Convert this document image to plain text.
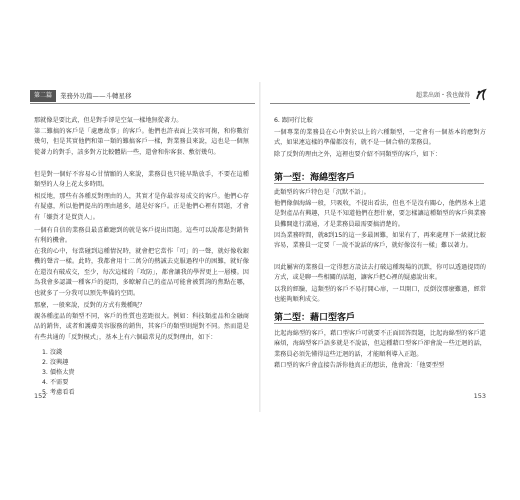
第二篇	業務外功篇——斗轉星移

那就像是要比武，但是對手卻是空氣一樣地無從著力。

第二難搞的客戶是「處應故事」的客戶。他們也許表面上笑容可掬，和你數衍幾句，但是其實他們和第一類的難搞客戶一樣，對業務員來說，這也是一個無從著力的對手，該多對方比較體貼一些，還會和你客套、敷衍幾句。

但是對一個好不容易心甘情願的人來說，業務員也只能早點放手，不要在這種類型的人身上花太多時間。

相反地，那些有各種反對理由的人，其實才是你最容易成交的客戶。他們心存有疑慮，所以他們提出的理由越多，越是好客戶。正是他們心裡有問題，才會有「嫌貨才是買貨人」。

一個有自信的業務員最喜歡聽到的就是客戶提出問題。這些可以說都是對銷售有利的機會。

在我的心中，每當碰到這種情況時，就會把它當作「可」的一聲，就好像收銀機的聲音一樣。此時，我都會用十二萬分的熱誠去克服過程中的困難，就好像在還沒有破成交，至少，每次這樣的「攻防」，都會讓我的學習更上一層樓。因為我會多認識一種客戶的提問，多瞭解自己的產品可能會被質詢的焦點在哪，也就多了一分我可以預先準備的空間。

那麼，一般來說，反對的方式有幾種呢？

親各種產品的類型不同，客戶的性質也差距很大。例如：科技類產品和金融商品的銷售，或者和護膚美容服務的銷售，其客戶的類型則絕對不同。然而還是有些共通的「反對模式」，基本上有六個最常見的反對理由，如下：

1. 沒錢
2. 沒興趣
3. 價格太貴
4. 不需要
5. 考慮看看
152
超業出頭・我也做得

6. 跟同行比較

一個專業的業務員在心中對於以上的六種類型，一定會有一個基本的應對方式，如果連這樣的準備都沒有，就不是一個合格的業務員。

除了反對的理由之外，這裡也要介紹不同類型的客戶，如下：

第一型：海綿型客戶

此類型的客戶特色是「沉默不語」。

他們像個海綿一般，只吸收，不提出看法，但也不是沒有關心，他們基本上還是對產品有興趣，只是不知道他們在想什麼，要怎樣讓這種類型的客戶與業務員攤開進行溝通，才是業務員最需要搞清楚的。

因為業務時間，就8到15的這一多最困難，如果有了，再來處理下一級就比較容易，業務員一定要「一說不說話的客戶，就好像沒有一樣」難以著力。

因此屬害的業務員一定得想方設法去打破這種現場的沉默，你可以透過提問的方式，或是聊一些相關的話題，讓客戶把心裡的疑慮說出來。

以我的經驗，這類型的客戶不易打開心扉，一旦開口，反倒沒那麼難過，經常也能夠順利成交。

第二型：藉口型客戶

比起海綿型的客戶，藉口型客戶可就要不正面回答問題，比起海綿型的客戶還麻煩，海綿型客戶語多就是不說話，但這種藉口型客戶卻會說一些迂迴的話，業務員必須先懂得這些迂迴的話，才能順利導入正題。

藉口型的客戶會直接告訴你他真正的想法，他會說：「他要型型

153
